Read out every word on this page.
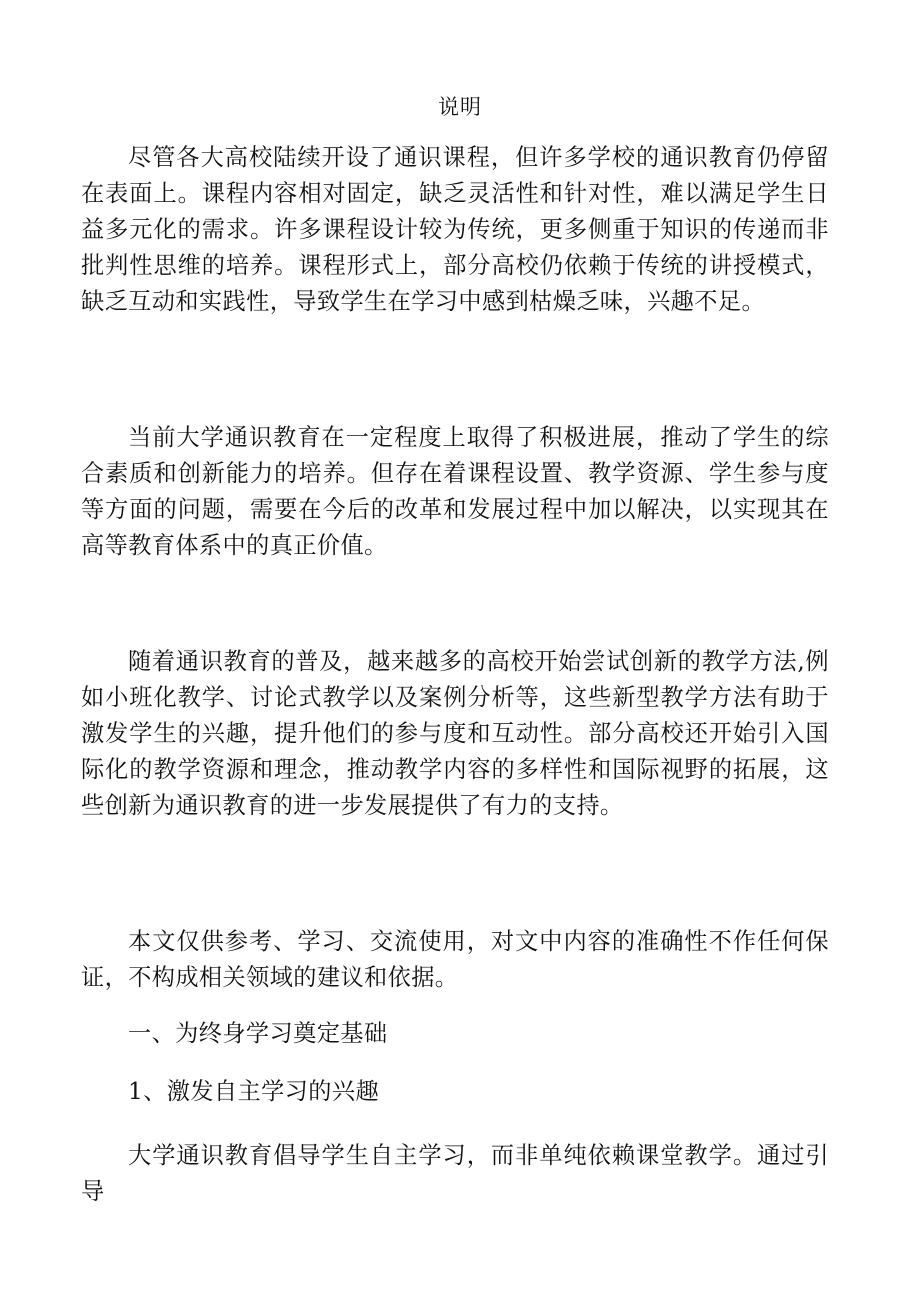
说明
尽管各大高校陆续开设了通识课程，但许多学校的通识教育仍停留在表面上。课程内容相对固定，缺乏灵活性和针对性，难以满足学生日益多元化的需求。许多课程设计较为传统，更多侧重于知识的传递而非批判性思维的培养。课程形式上，部分高校仍依赖于传统的讲授模式，缺乏互动和实践性，导致学生在学习中感到枯燥乏味，兴趣不足。
当前大学通识教育在一定程度上取得了积极进展，推动了学生的综合素质和创新能力的培养。但存在着课程设置、教学资源、学生参与度等方面的问题，需要在今后的改革和发展过程中加以解决，以实现其在高等教育体系中的真正价值。
随着通识教育的普及，越来越多的高校开始尝试创新的教学方法,例如小班化教学、讨论式教学以及案例分析等，这些新型教学方法有助于激发学生的兴趣，提升他们的参与度和互动性。部分高校还开始引入国际化的教学资源和理念，推动教学内容的多样性和国际视野的拓展，这些创新为通识教育的进一步发展提供了有力的支持。
本文仅供参考、学习、交流使用，对文中内容的准确性不作任何保证，不构成相关领域的建议和依据。
一、为终身学习奠定基础
1、激发自主学习的兴趣
大学通识教育倡导学生自主学习，而非单纯依赖课堂教学。通过引导
